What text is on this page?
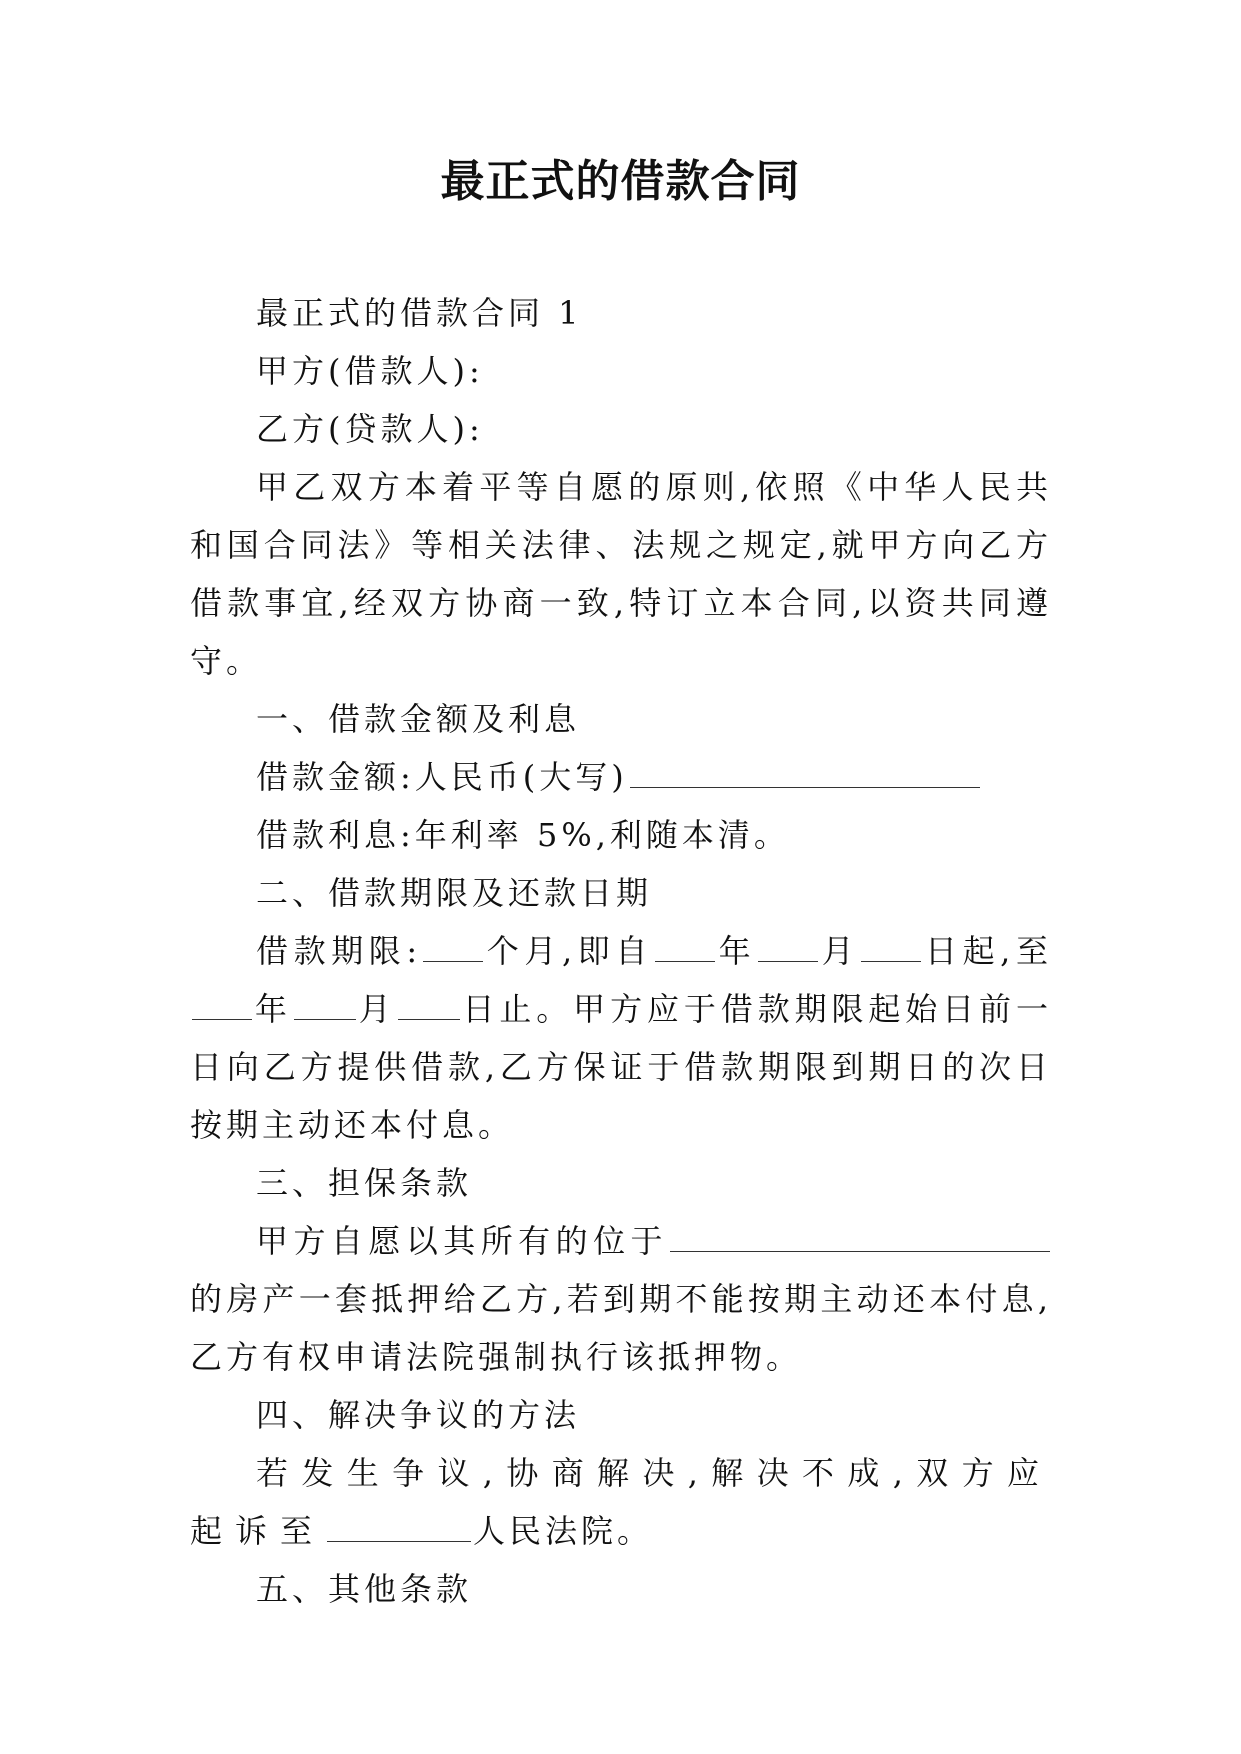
最正式的借款合同

最正式的借款合同 1

甲方(借款人):

乙方(贷款人):

甲乙双方本着平等自愿的原则,依照《中华人民共和国合同法》等相关法律、法规之规定,就甲方向乙方借款事宜,经双方协商一致,特订立本合同,以资共同遵守。

一、借款金额及利息

借款金额:人民币(大写)

借款利息:年利率 5%,利随本清。

二、借款期限及还款日期

借款期限: 个月,即自 年 月 日起,至年 月 日止。甲方应于借款期限起始日前一日向乙方提供借款,乙方保证于借款期限到期日的次日按期主动还本付息。

三、担保条款

甲方自愿以其所有的位于的房产一套抵押给乙方,若到期不能按期主动还本付息,乙方有权申请法院强制执行该抵押物。

四、解决争议的方法

若发生争议,协商解决,解决不成,双方应起诉至	人民法院。

五、其他条款
